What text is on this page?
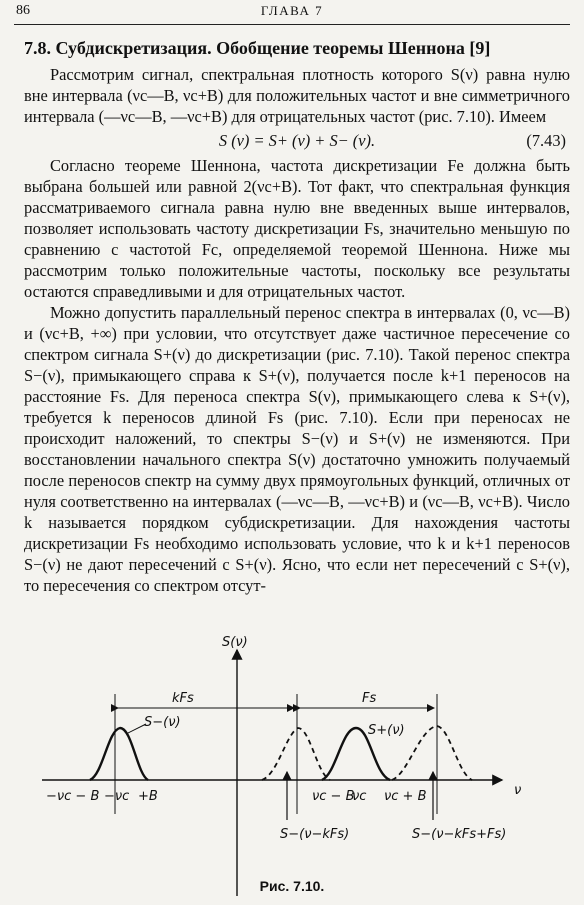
86	ГЛАВА 7
7.8. Субдискретизация. Обобщение теоремы Шеннона [9]

Рассмотрим сигнал, спектральная плотность которого S(ν) равна нулю вне интервала (νc—B, νc+B) для положительных частот и вне симметричного интервала (—νc—B, —νc+B) для отрицательных частот (рис. 7.10). Имеем

S (ν) = S+ (ν) + S− (ν).	(7.43)

Согласно теореме Шеннона, частота дискретизации Fe должна быть выбрана большей или равной 2(νc+B). Тот факт, что спектральная функция рассматриваемого сигнала равна нулю вне введенных выше интервалов, позволяет использовать частоту дискретизации Fs, значительно меньшую по сравнению с частотой Fc, определяемой теоремой Шеннона. Ниже мы рассмотрим только положительные частоты, поскольку все результаты остаются справедливыми и для отрицательных частот.

Можно допустить параллельный перенос спектра в интервалах (0, νc—B) и (νc+B, +∞) при условии, что отсутствует даже частичное пересечение со спектром сигнала S+(ν) до дискретизации (рис. 7.10). Такой перенос спектра S−(ν), примыкающего справа к S+(ν), получается после k+1 переносов на расстояние Fs. Для переноса спектра S(ν), примыкающего слева к S+(ν), требуется k переносов длиной Fs (рис. 7.10). Если при переносах не происходит наложений, то спектры S−(ν) и S+(ν) не изменяются. При восстановлении начального спектра S(ν) достаточно умножить получаемый после переносов спектр на сумму двух прямоугольных функций, отличных от нуля соответственно на интервалах (—νc—B, —νc+B) и (νc—B, νc+B). Число k называется порядком субдискретизации. Для нахождения частоты дискретизации Fs необходимо использовать условие, что k и k+1 переносов S−(ν) не дают пересечений с S+(ν). Ясно, что если нет пересечений с S+(ν), то пересечения со спектром отсут-

S(ν)
ν
kFs	Fs
S−(ν)
S+(ν)
−νc − B −νc +B	νc − B
νc νc + B
S−(ν−kFs)	S−(ν−kFs+Fs)
Рис. 7.10.
